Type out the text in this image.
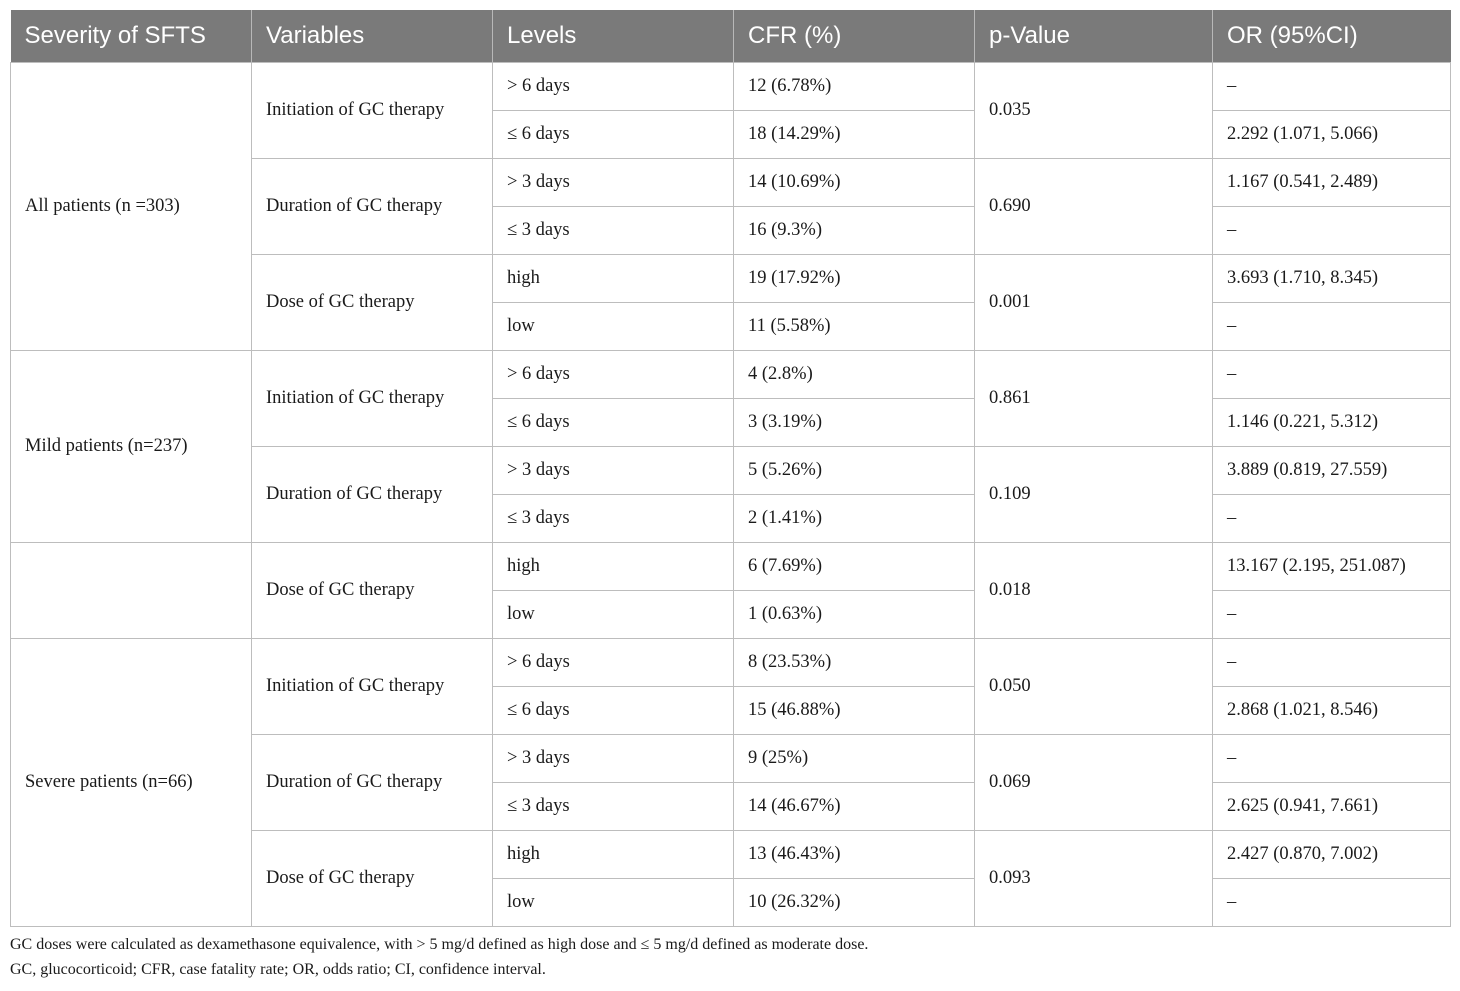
Severity of SFTS	Variables	Levels	CFR (%)	p-Value	OR (95%CI)
All patients (n =303)	Initiation of GC therapy	> 6 days	12 (6.78%)	0.035	–
		≤ 6 days	18 (14.29%)		2.292 (1.071, 5.066)
	Duration of GC therapy	> 3 days	14 (10.69%)	0.690	1.167 (0.541, 2.489)
		≤ 3 days	16 (9.3%)		–
	Dose of GC therapy	high	19 (17.92%)	0.001	3.693 (1.710, 8.345)
		low	11 (5.58%)		–
Mild patients (n=237)	Initiation of GC therapy	> 6 days	4 (2.8%)	0.861	–
		≤ 6 days	3 (3.19%)		1.146 (0.221, 5.312)
	Duration of GC therapy	> 3 days	5 (5.26%)	0.109	3.889 (0.819, 27.559)
		≤ 3 days	2 (1.41%)		–
	Dose of GC therapy	high	6 (7.69%)	0.018	13.167 (2.195, 251.087)
		low	1 (0.63%)		–
Severe patients (n=66)	Initiation of GC therapy	> 6 days	8 (23.53%)	0.050	–
		≤ 6 days	15 (46.88%)		2.868 (1.021, 8.546)
	Duration of GC therapy	> 3 days	9 (25%)	0.069	–
		≤ 3 days	14 (46.67%)		2.625 (0.941, 7.661)
	Dose of GC therapy	high	13 (46.43%)	0.093	2.427 (0.870, 7.002)
		low	10 (26.32%)		–
GC doses were calculated as dexamethasone equivalence, with > 5 mg/d defined as high dose and ≤ 5 mg/d defined as moderate dose.
GC, glucocorticoid; CFR, case fatality rate; OR, odds ratio; CI, confidence interval.
